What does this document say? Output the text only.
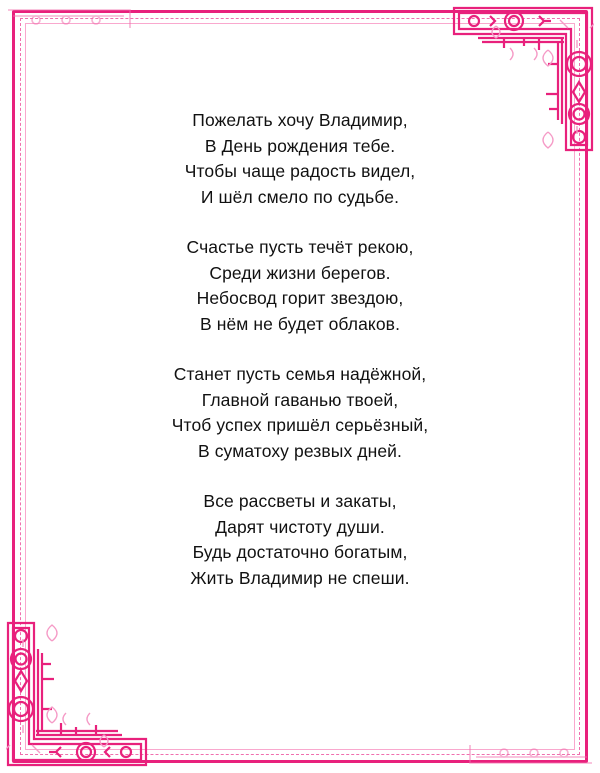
Пожелать хочу Владимир,
В День рождения тебе.
Чтобы чаще радость видел,
И шёл смело по судьбе.
Счастье пусть течёт рекою,
Среди жизни берегов.
Небосвод горит звездою,
В нём не будет облаков.
Станет пусть семья надёжной,
Главной гаванью твоей,
Чтоб успех пришёл серьёзный,
В суматоху резвых дней.
Все рассветы и закаты,
Дарят чистоту души.
Будь достаточно богатым,
Жить Владимир не спеши.
